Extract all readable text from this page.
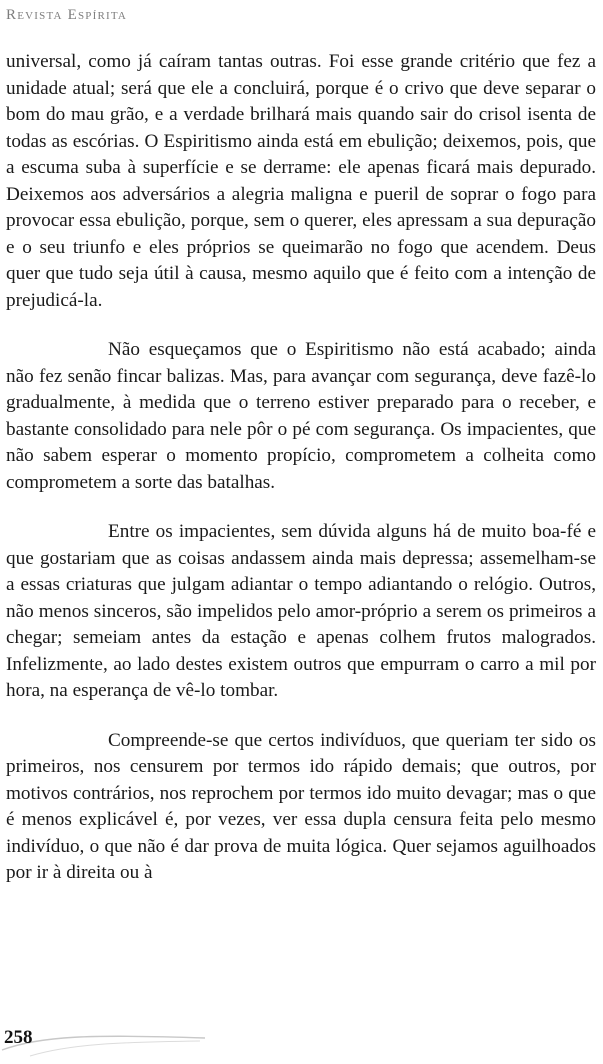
Revista Espírita

universal, como já caíram tantas outras. Foi esse grande critério que fez a unidade atual; será que ele a concluirá, porque é o crivo que deve separar o bom do mau grão, e a verdade brilhará mais quando sair do crisol isenta de todas as escórias. O Espiritismo ainda está em ebulição; deixemos, pois, que a escuma suba à superfície e se derrame: ele apenas ficará mais depurado. Deixemos aos adversários a alegria maligna e pueril de soprar o fogo para provocar essa ebulição, porque, sem o querer, eles apressam a sua depuração e o seu triunfo e eles próprios se queimarão no fogo que acendem. Deus quer que tudo seja útil à causa, mesmo aquilo que é feito com a intenção de prejudicá-la.

Não esqueçamos que o Espiritismo não está acabado; ainda não fez senão fincar balizas. Mas, para avançar com segurança, deve fazê-lo gradualmente, à medida que o terreno estiver preparado para o receber, e bastante consolidado para nele pôr o pé com segurança. Os impacientes, que não sabem esperar o momento propício, comprometem a colheita como comprometem a sorte das batalhas.

Entre os impacientes, sem dúvida alguns há de muito boa-fé e que gostariam que as coisas andassem ainda mais depressa; assemelham-se a essas criaturas que julgam adiantar o tempo adiantando o relógio. Outros, não menos sinceros, são impelidos pelo amor-próprio a serem os primeiros a chegar; semeiam antes da estação e apenas colhem frutos malogrados. Infelizmente, ao lado destes existem outros que empurram o carro a mil por hora, na esperança de vê-lo tombar.

Compreende-se que certos indivíduos, que queriam ter sido os primeiros, nos censurem por termos ido rápido demais; que outros, por motivos contrários, nos reprochem por termos ido muito devagar; mas o que é menos explicável é, por vezes, ver essa dupla censura feita pelo mesmo indivíduo, o que não é dar prova de muita lógica. Quer sejamos aguilhoados por ir à direita ou à

258
